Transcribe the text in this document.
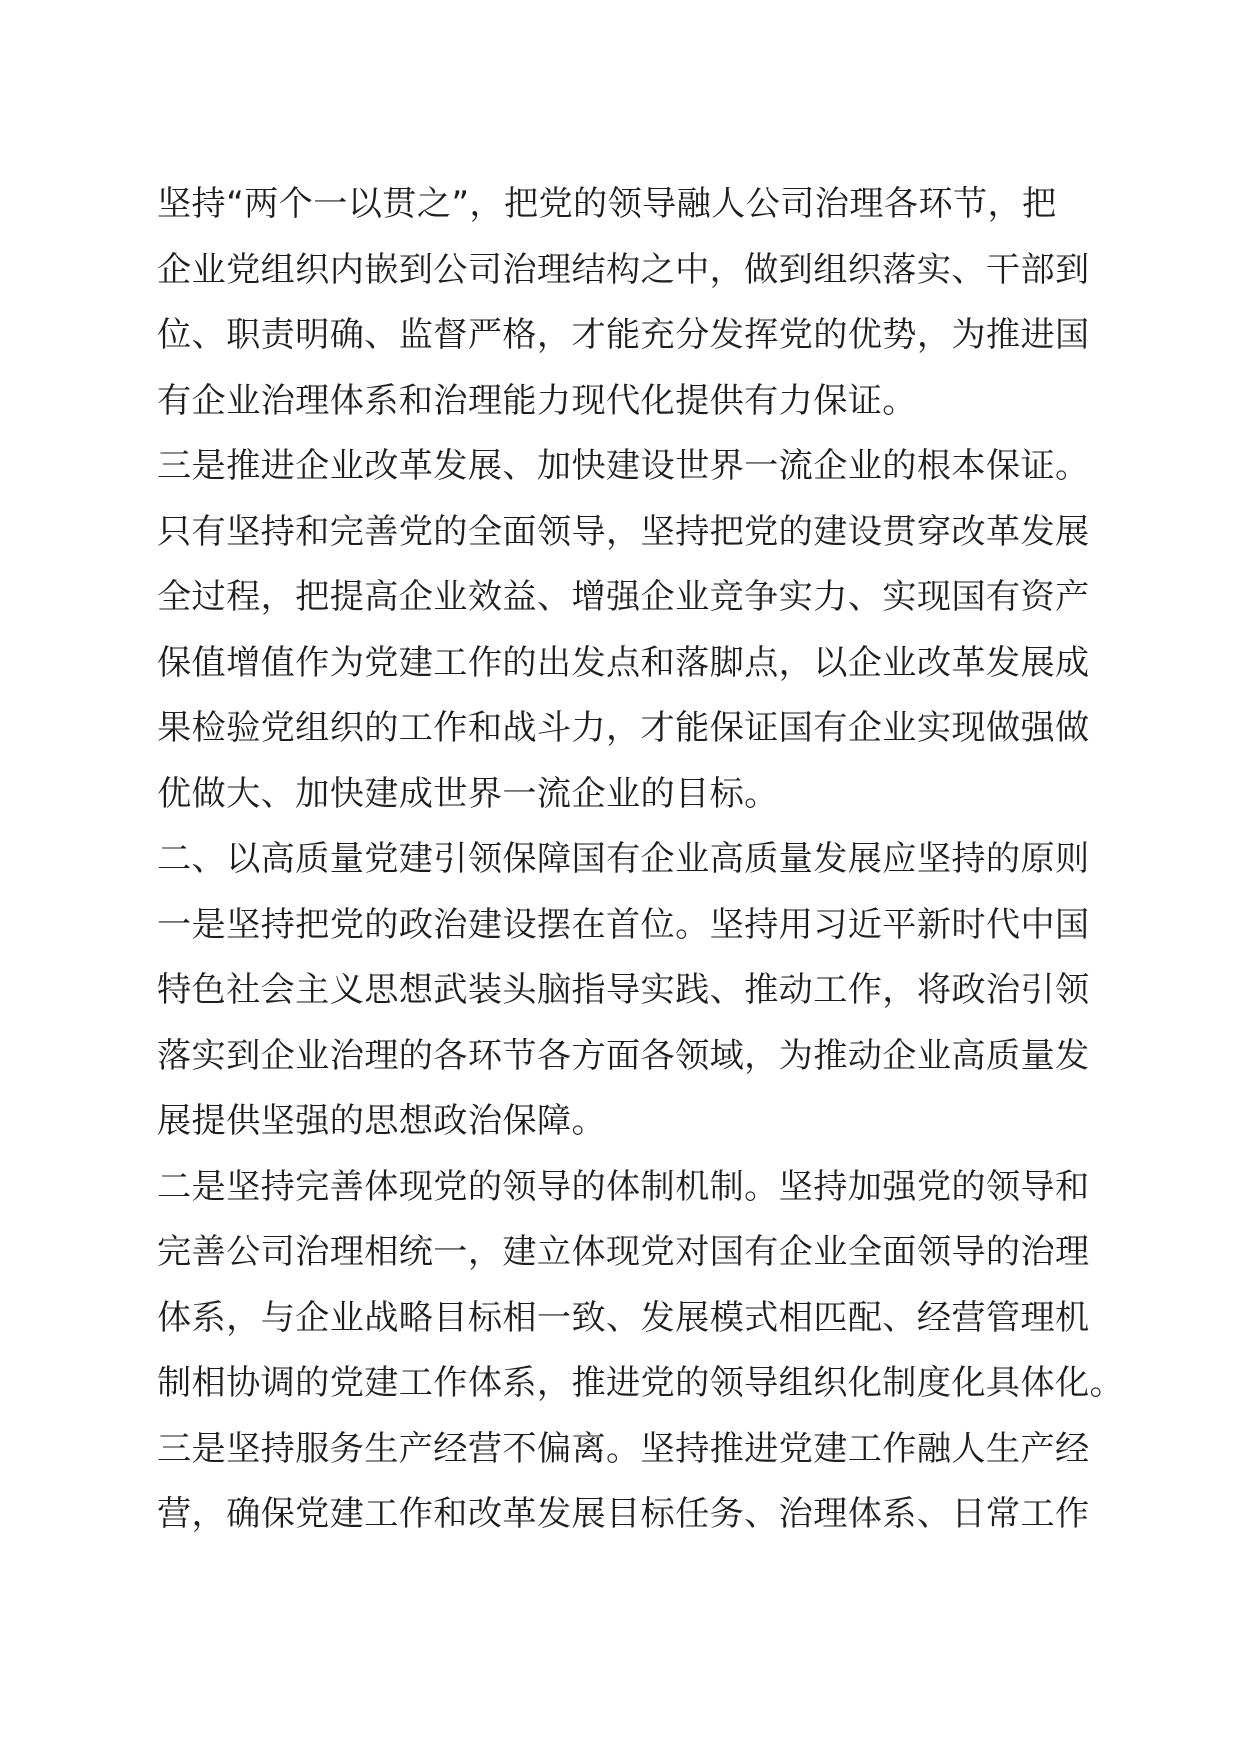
坚持“两个一以贯之”，把党的领导融人公司治理各环节，把
企业党组织内嵌到公司治理结构之中，做到组织落实、干部到
位、职责明确、监督严格，才能充分发挥党的优势，为推进国
有企业治理体系和治理能力现代化提供有力保证。
三是推进企业改革发展、加快建设世界一流企业的根本保证。
只有坚持和完善党的全面领导，坚持把党的建设贯穿改革发展
全过程，把提高企业效益、增强企业竞争实力、实现国有资产
保值增值作为党建工作的出发点和落脚点，以企业改革发展成
果检验党组织的工作和战斗力，才能保证国有企业实现做强做
优做大、加快建成世界一流企业的目标。
二、以高质量党建引领保障国有企业高质量发展应坚持的原则
一是坚持把党的政治建设摆在首位。坚持用习近平新时代中国
特色社会主义思想武装头脑指导实践、推动工作，将政治引领
落实到企业治理的各环节各方面各领域，为推动企业高质量发
展提供坚强的思想政治保障。
二是坚持完善体现党的领导的体制机制。坚持加强党的领导和
完善公司治理相统一，建立体现党对国有企业全面领导的治理
体系，与企业战略目标相一致、发展模式相匹配、经营管理机
制相协调的党建工作体系，推进党的领导组织化制度化具体化。
三是坚持服务生产经营不偏离。坚持推进党建工作融人生产经
营，确保党建工作和改革发展目标任务、治理体系、日常工作
